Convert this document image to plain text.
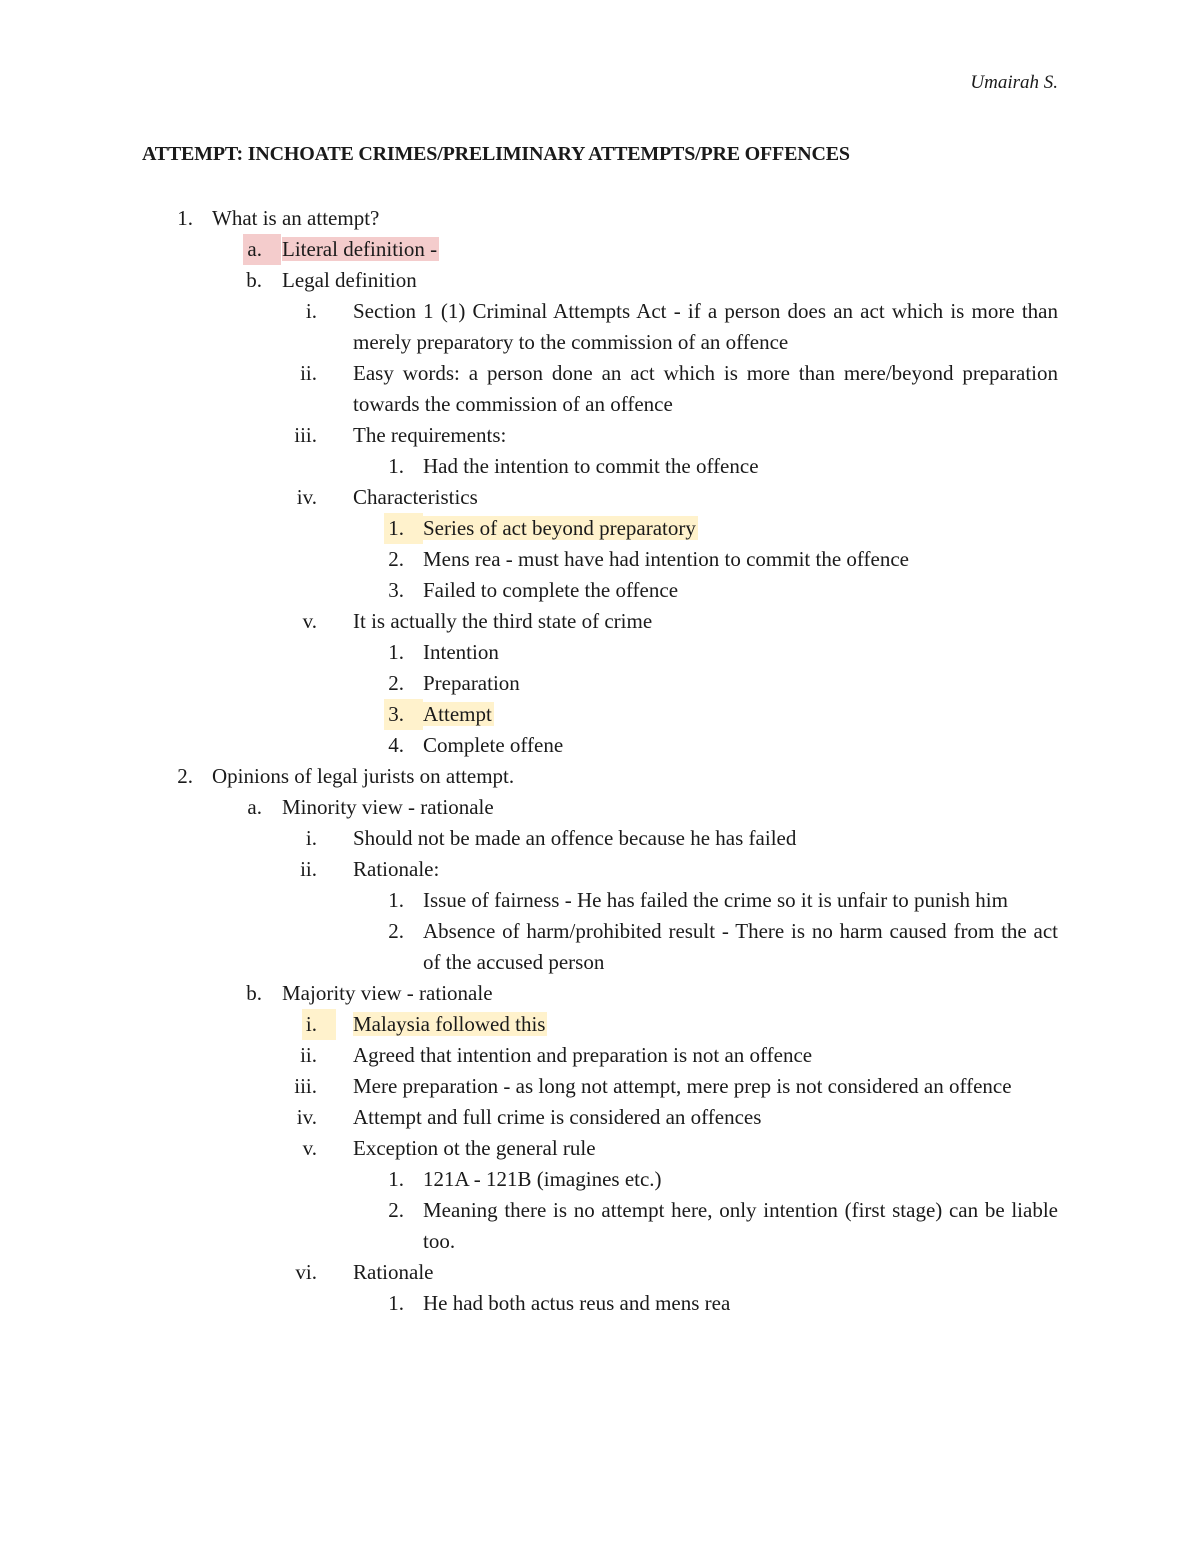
Umairah S.
ATTEMPT: INCHOATE CRIMES/PRELIMINARY ATTEMPTS/PRE OFFENCES
1. What is an attempt?
a. Literal definition -
b. Legal definition
i. Section 1 (1) Criminal Attempts Act - if a person does an act which is more than merely preparatory to the commission of an offence
ii. Easy words: a person done an act which is more than mere/beyond preparation towards the commission of an offence
iii. The requirements:
1. Had the intention to commit the offence
iv. Characteristics
1. Series of act beyond preparatory
2. Mens rea - must have had intention to commit the offence
3. Failed to complete the offence
v. It is actually the third state of crime
1. Intention
2. Preparation
3. Attempt
4. Complete offene
2. Opinions of legal jurists on attempt.
a. Minority view - rationale
i. Should not be made an offence because he has failed
ii. Rationale:
1. Issue of fairness - He has failed the crime so it is unfair to punish him
2. Absence of harm/prohibited result - There is no harm caused from the act of the accused person
b. Majority view - rationale
i.	Malaysia followed this
ii. Agreed that intention and preparation is not an offence
iii. Mere preparation - as long not attempt, mere prep is not considered an offence
iv. Attempt and full crime is considered an offences
v. Exception ot the general rule
1. 121A - 121B (imagines etc.)
2. Meaning there is no attempt here, only intention (first stage) can be liable too.
vi. Rationale
1. He had both actus reus and mens rea
